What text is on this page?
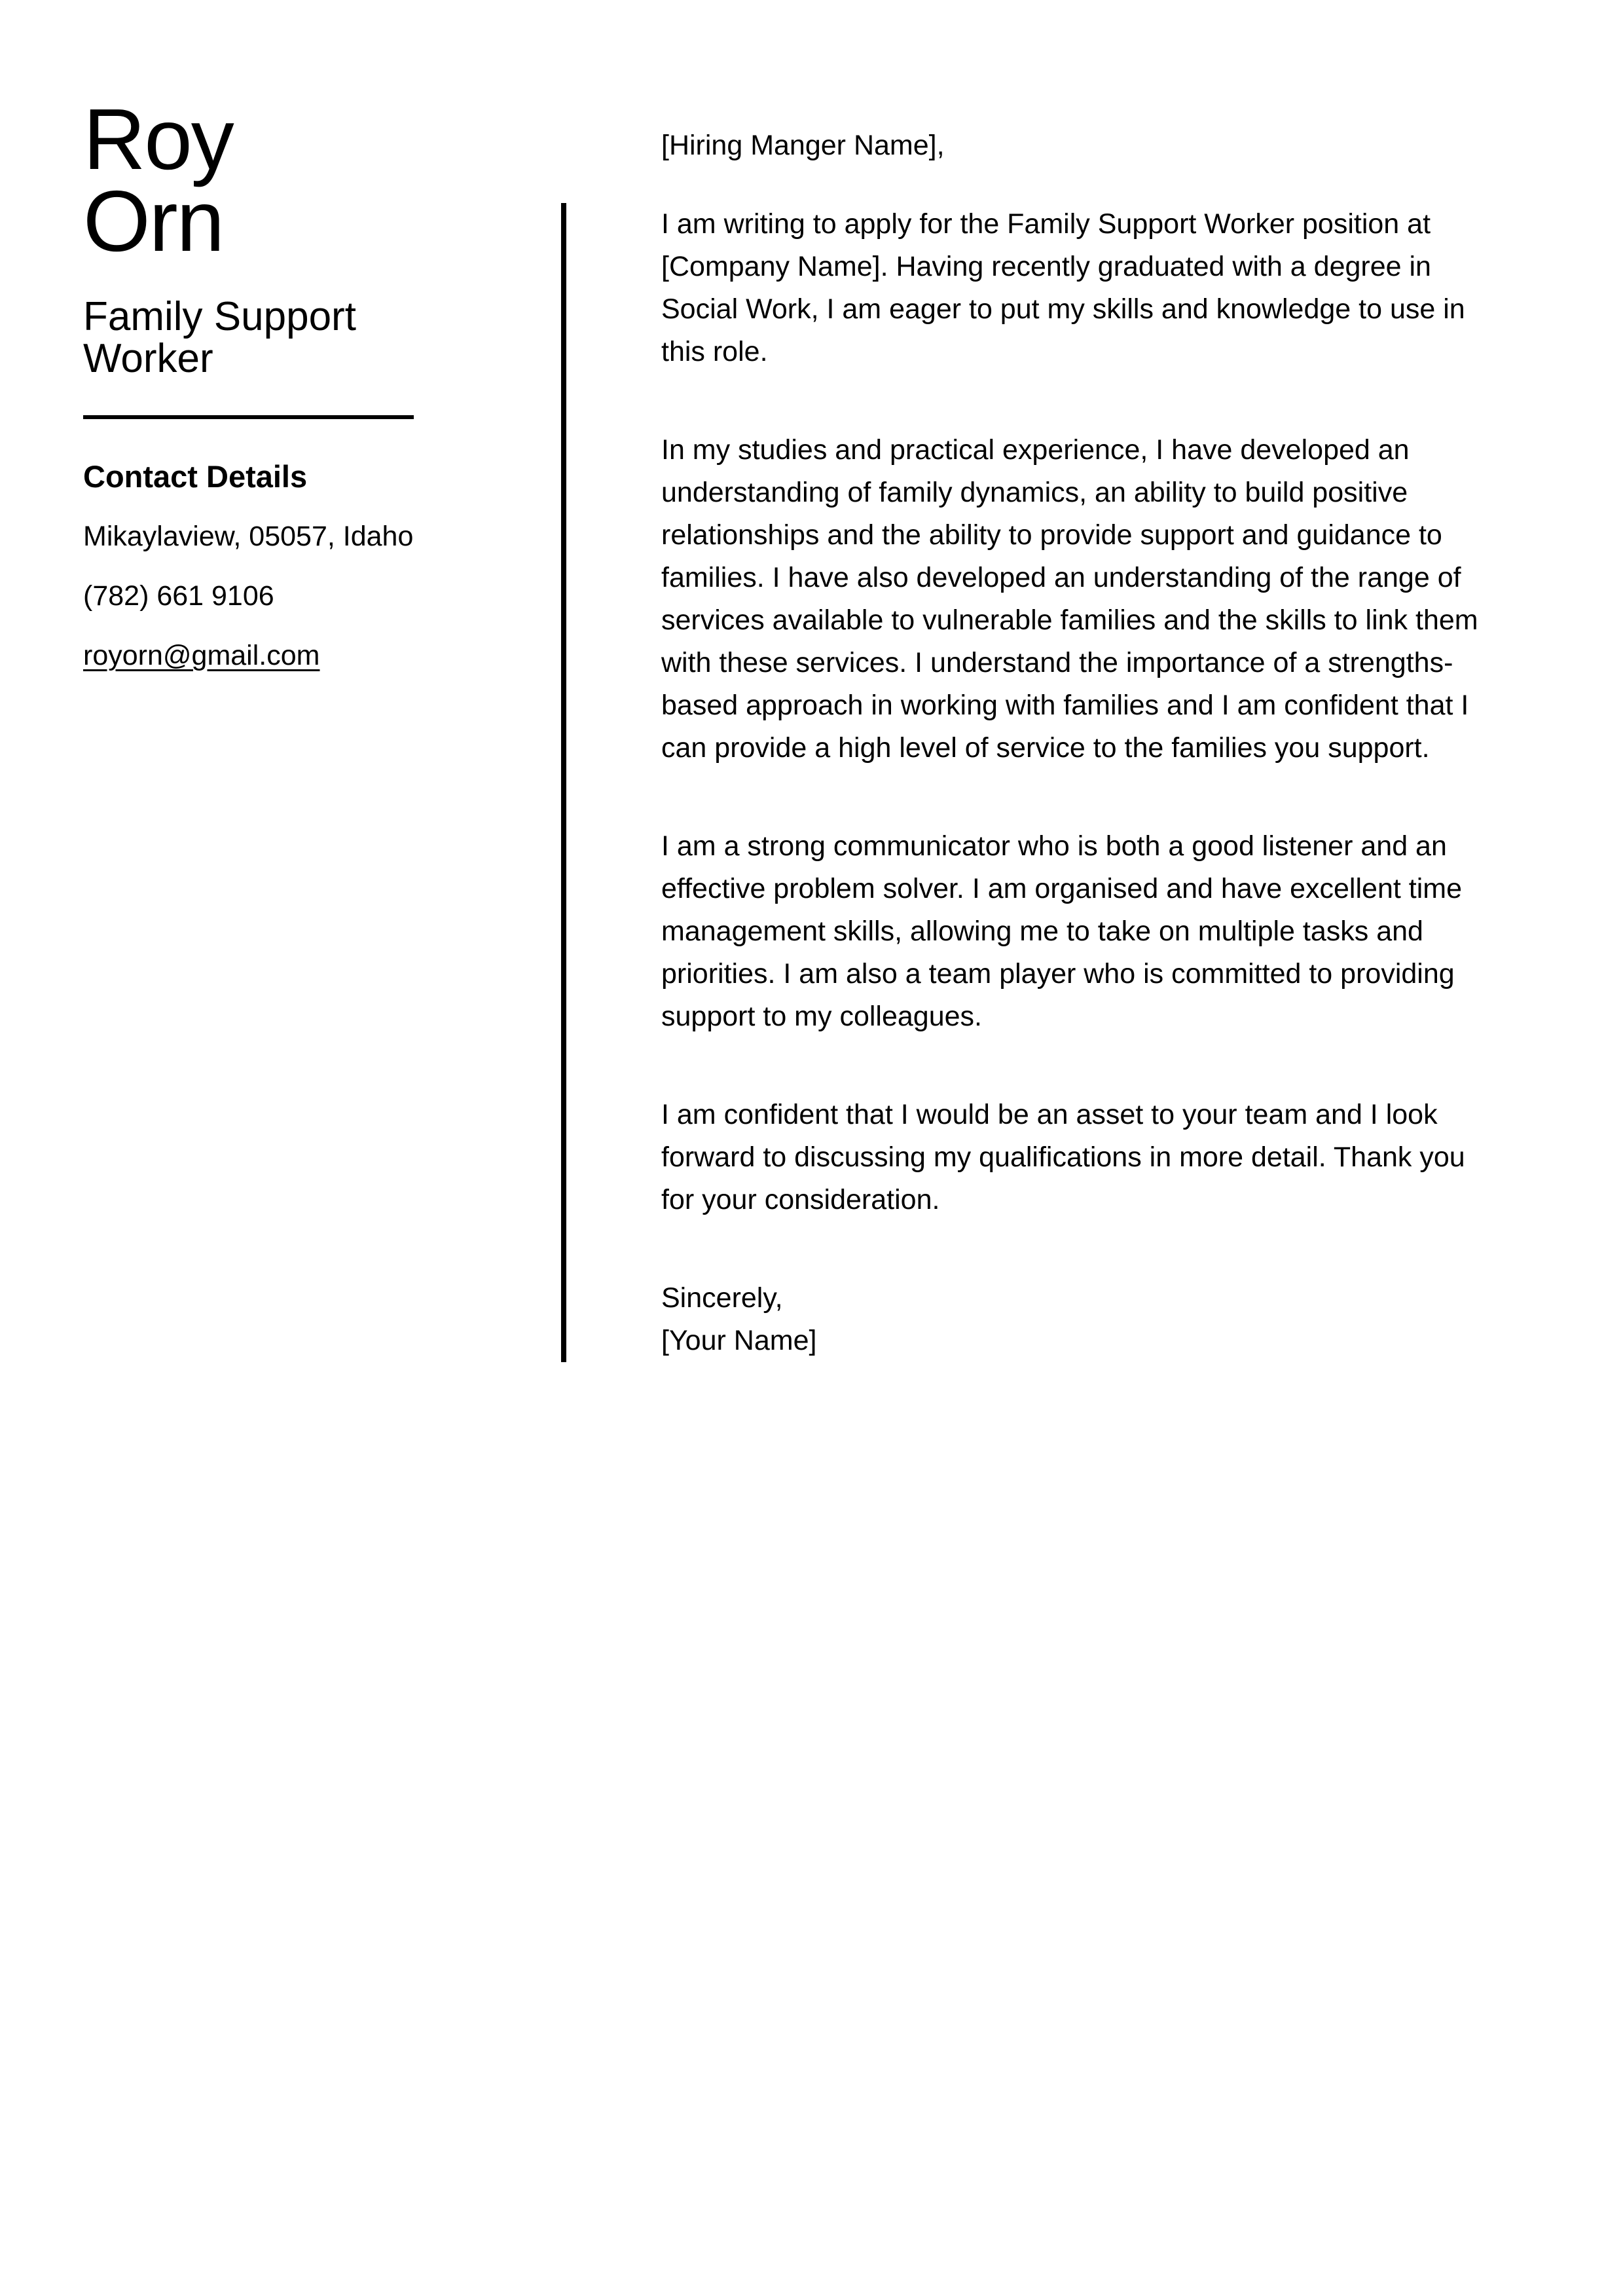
Roy
Orn
Family Support Worker
Contact Details
Mikaylaview, 05057, Idaho
(782) 661 9106
royorn@gmail.com
[Hiring Manger Name],

I am writing to apply for the Family Support Worker position at [Company Name]. Having recently graduated with a degree in Social Work, I am eager to put my skills and knowledge to use in this role.

In my studies and practical experience, I have developed an understanding of family dynamics, an ability to build positive relationships and the ability to provide support and guidance to families. I have also developed an understanding of the range of services available to vulnerable families and the skills to link them with these services. I understand the importance of a strengths-based approach in working with families and I am confident that I can provide a high level of service to the families you support.

I am a strong communicator who is both a good listener and an effective problem solver. I am organised and have excellent time management skills, allowing me to take on multiple tasks and priorities. I am also a team player who is committed to providing support to my colleagues.

I am confident that I would be an asset to your team and I look forward to discussing my qualifications in more detail. Thank you for your consideration.

Sincerely,
[Your Name]
